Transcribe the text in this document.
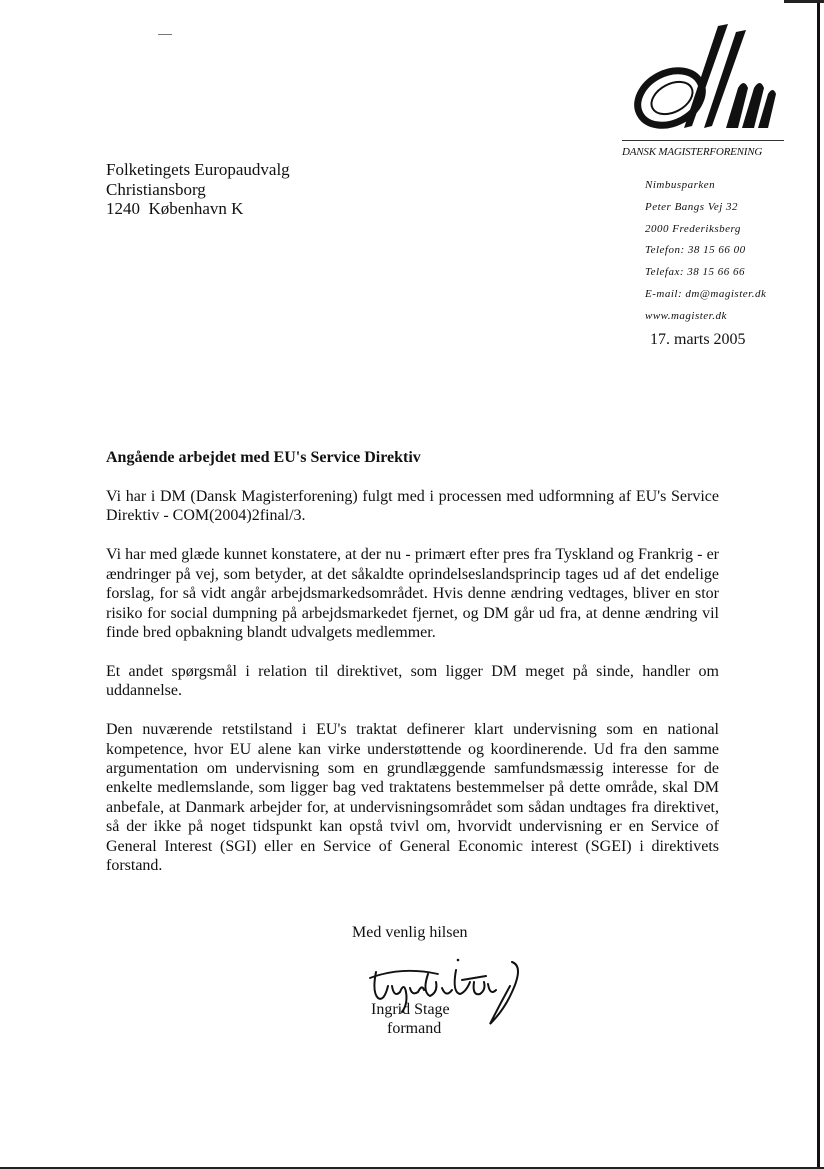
DANSK MAGISTERFORENING
Nimbusparken
Peter Bangs Vej 32
2000 Frederiksberg
Telefon: 38 15 66 00
Telefax: 38 15 66 66
E-mail: dm@magister.dk
www.magister.dk
17. marts 2005
Folketingets Europaudvalg
Christiansborg
1240  København K
Angående arbejdet med EU's Service Direktiv

Vi har i DM (Dansk Magisterforening) fulgt med i processen med udformning af EU's Service Direktiv - COM(2004)2final/3.

Vi har med glæde kunnet konstatere, at der nu - primært efter pres fra Tyskland og Frankrig - er ændringer på vej, som betyder, at det såkaldte oprindelseslandsprincip tages ud af det endelige forslag, for så vidt angår arbejdsmarkedsområdet. Hvis denne ændring vedtages, bliver en stor risiko for social dumpning på arbejdsmarkedet fjernet, og DM går ud fra, at denne ændring vil finde bred opbakning blandt udvalgets medlemmer.

Et andet spørgsmål i relation til direktivet, som ligger DM meget på sinde, handler om uddannelse.

Den nuværende retstilstand i EU's traktat definerer klart undervisning som en national kompetence, hvor EU alene kan virke understøttende og koordinerende. Ud fra den samme argumentation om undervisning som en grundlæggende samfundsmæssig interesse for de enkelte medlemslande, som ligger bag ved traktatens bestemmelser på dette område, skal DM anbefale, at Danmark arbejder for, at undervisningsområdet som sådan undtages fra direktivet, så der ikke på noget tidspunkt kan opstå tvivl om, hvorvidt undervisning er en Service of General Interest (SGI) eller en Service of General Economic interest (SGEI) i direktivets forstand.

Med venlig hilsen
Ingrid Stage
formand
